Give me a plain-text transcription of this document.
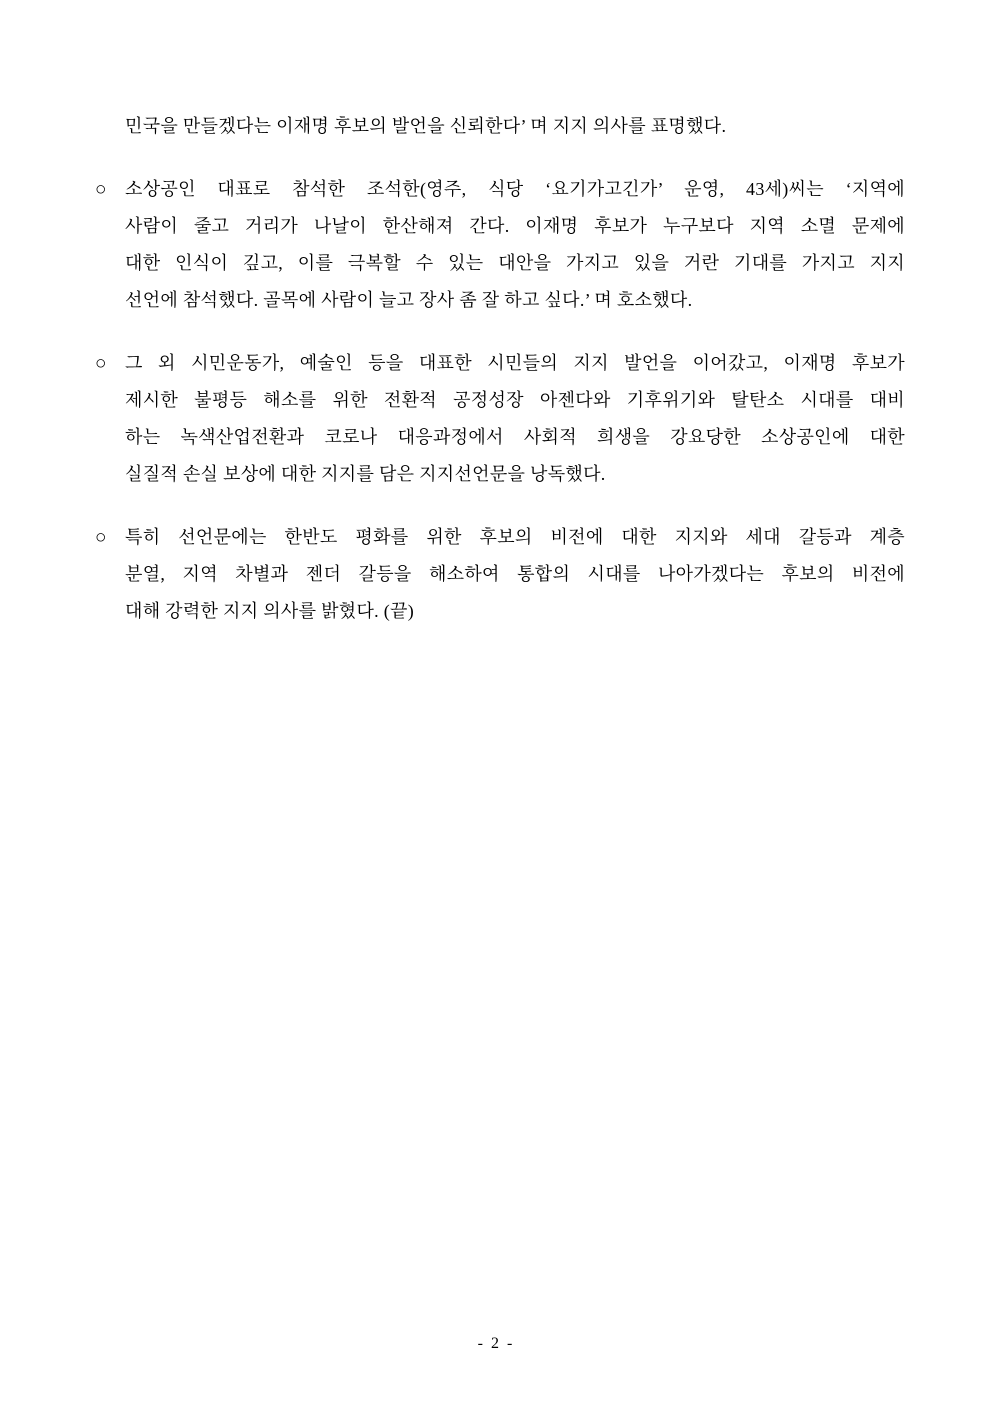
민국을 만들겠다는 이재명 후보의 발언을 신뢰한다’ 며 지지 의사를 표명했다.
○	소상공인 대표로 참석한 조석한(영주, 식당 ‘요기가고긴가’ 운영, 43세)씨는 ‘지역에
사람이 줄고 거리가 나날이 한산해져 간다. 이재명 후보가 누구보다 지역 소멸 문제에
대한 인식이 깊고, 이를 극복할 수 있는 대안을 가지고 있을 거란 기대를 가지고 지지
선언에 참석했다. 골목에 사람이 늘고 장사 좀 잘 하고 싶다.’ 며 호소했다.
○	그 외 시민운동가, 예술인 등을 대표한 시민들의 지지 발언을 이어갔고, 이재명 후보가
제시한 불평등 해소를 위한 전환적 공정성장 아젠다와 기후위기와 탈탄소 시대를 대비
하는 녹색산업전환과 코로나 대응과정에서 사회적 희생을 강요당한 소상공인에 대한
실질적 손실 보상에 대한 지지를 담은 지지선언문을 낭독했다.
○	특히 선언문에는 한반도 평화를 위한 후보의 비전에 대한 지지와 세대 갈등과 계층
분열, 지역 차별과 젠더 갈등을 해소하여 통합의 시대를 나아가겠다는 후보의 비전에
대해 강력한 지지 의사를 밝혔다. (끝)
- 2 -
